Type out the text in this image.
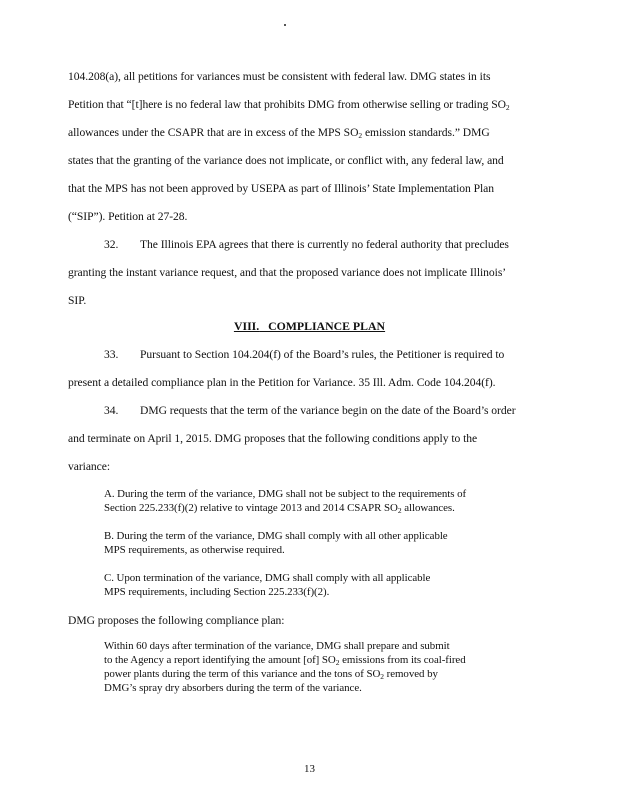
104.208(a), all petitions for variances must be consistent with federal law. DMG states in its
Petition that “[t]here is no federal law that prohibits DMG from otherwise selling or trading $SO_2$
allowances under the CSAPR that are in excess of the MPS $SO_2$ emission standards.” DMG
states that the granting of the variance does not implicate, or conflict with, any federal law, and
that the MPS has not been approved by USEPA as part of Illinois’ State Implementation Plan
(“SIP”). Petition at 27-28.
32. The Illinois EPA agrees that there is currently no federal authority that precludes
granting the instant variance request, and that the proposed variance does not implicate Illinois’
SIP.
VIII. COMPLIANCE PLAN
33. Pursuant to Section 104.204(f) of the Board’s rules, the Petitioner is required to
present a detailed compliance plan in the Petition for Variance. 35 Ill. Adm. Code 104.204(f).
34. DMG requests that the term of the variance begin on the date of the Board’s order
and terminate on April 1, 2015. DMG proposes that the following conditions apply to the
variance:
A. During the term of the variance, DMG shall not be subject to the requirements of
Section 225.233(f)(2) relative to vintage 2013 and 2014 CSAPR $SO_2$ allowances.
B. During the term of the variance, DMG shall comply with all other applicable
MPS requirements, as otherwise required.
C. Upon termination of the variance, DMG shall comply with all applicable
MPS requirements, including Section 225.233(f)(2).
DMG proposes the following compliance plan:
Within 60 days after termination of the variance, DMG shall prepare and submit
to the Agency a report identifying the amount [of] $SO_2$ emissions from its coal-fired
power plants during the term of this variance and the tons of $SO_2$ removed by
DMG’s spray dry absorbers during the term of the variance.
13
